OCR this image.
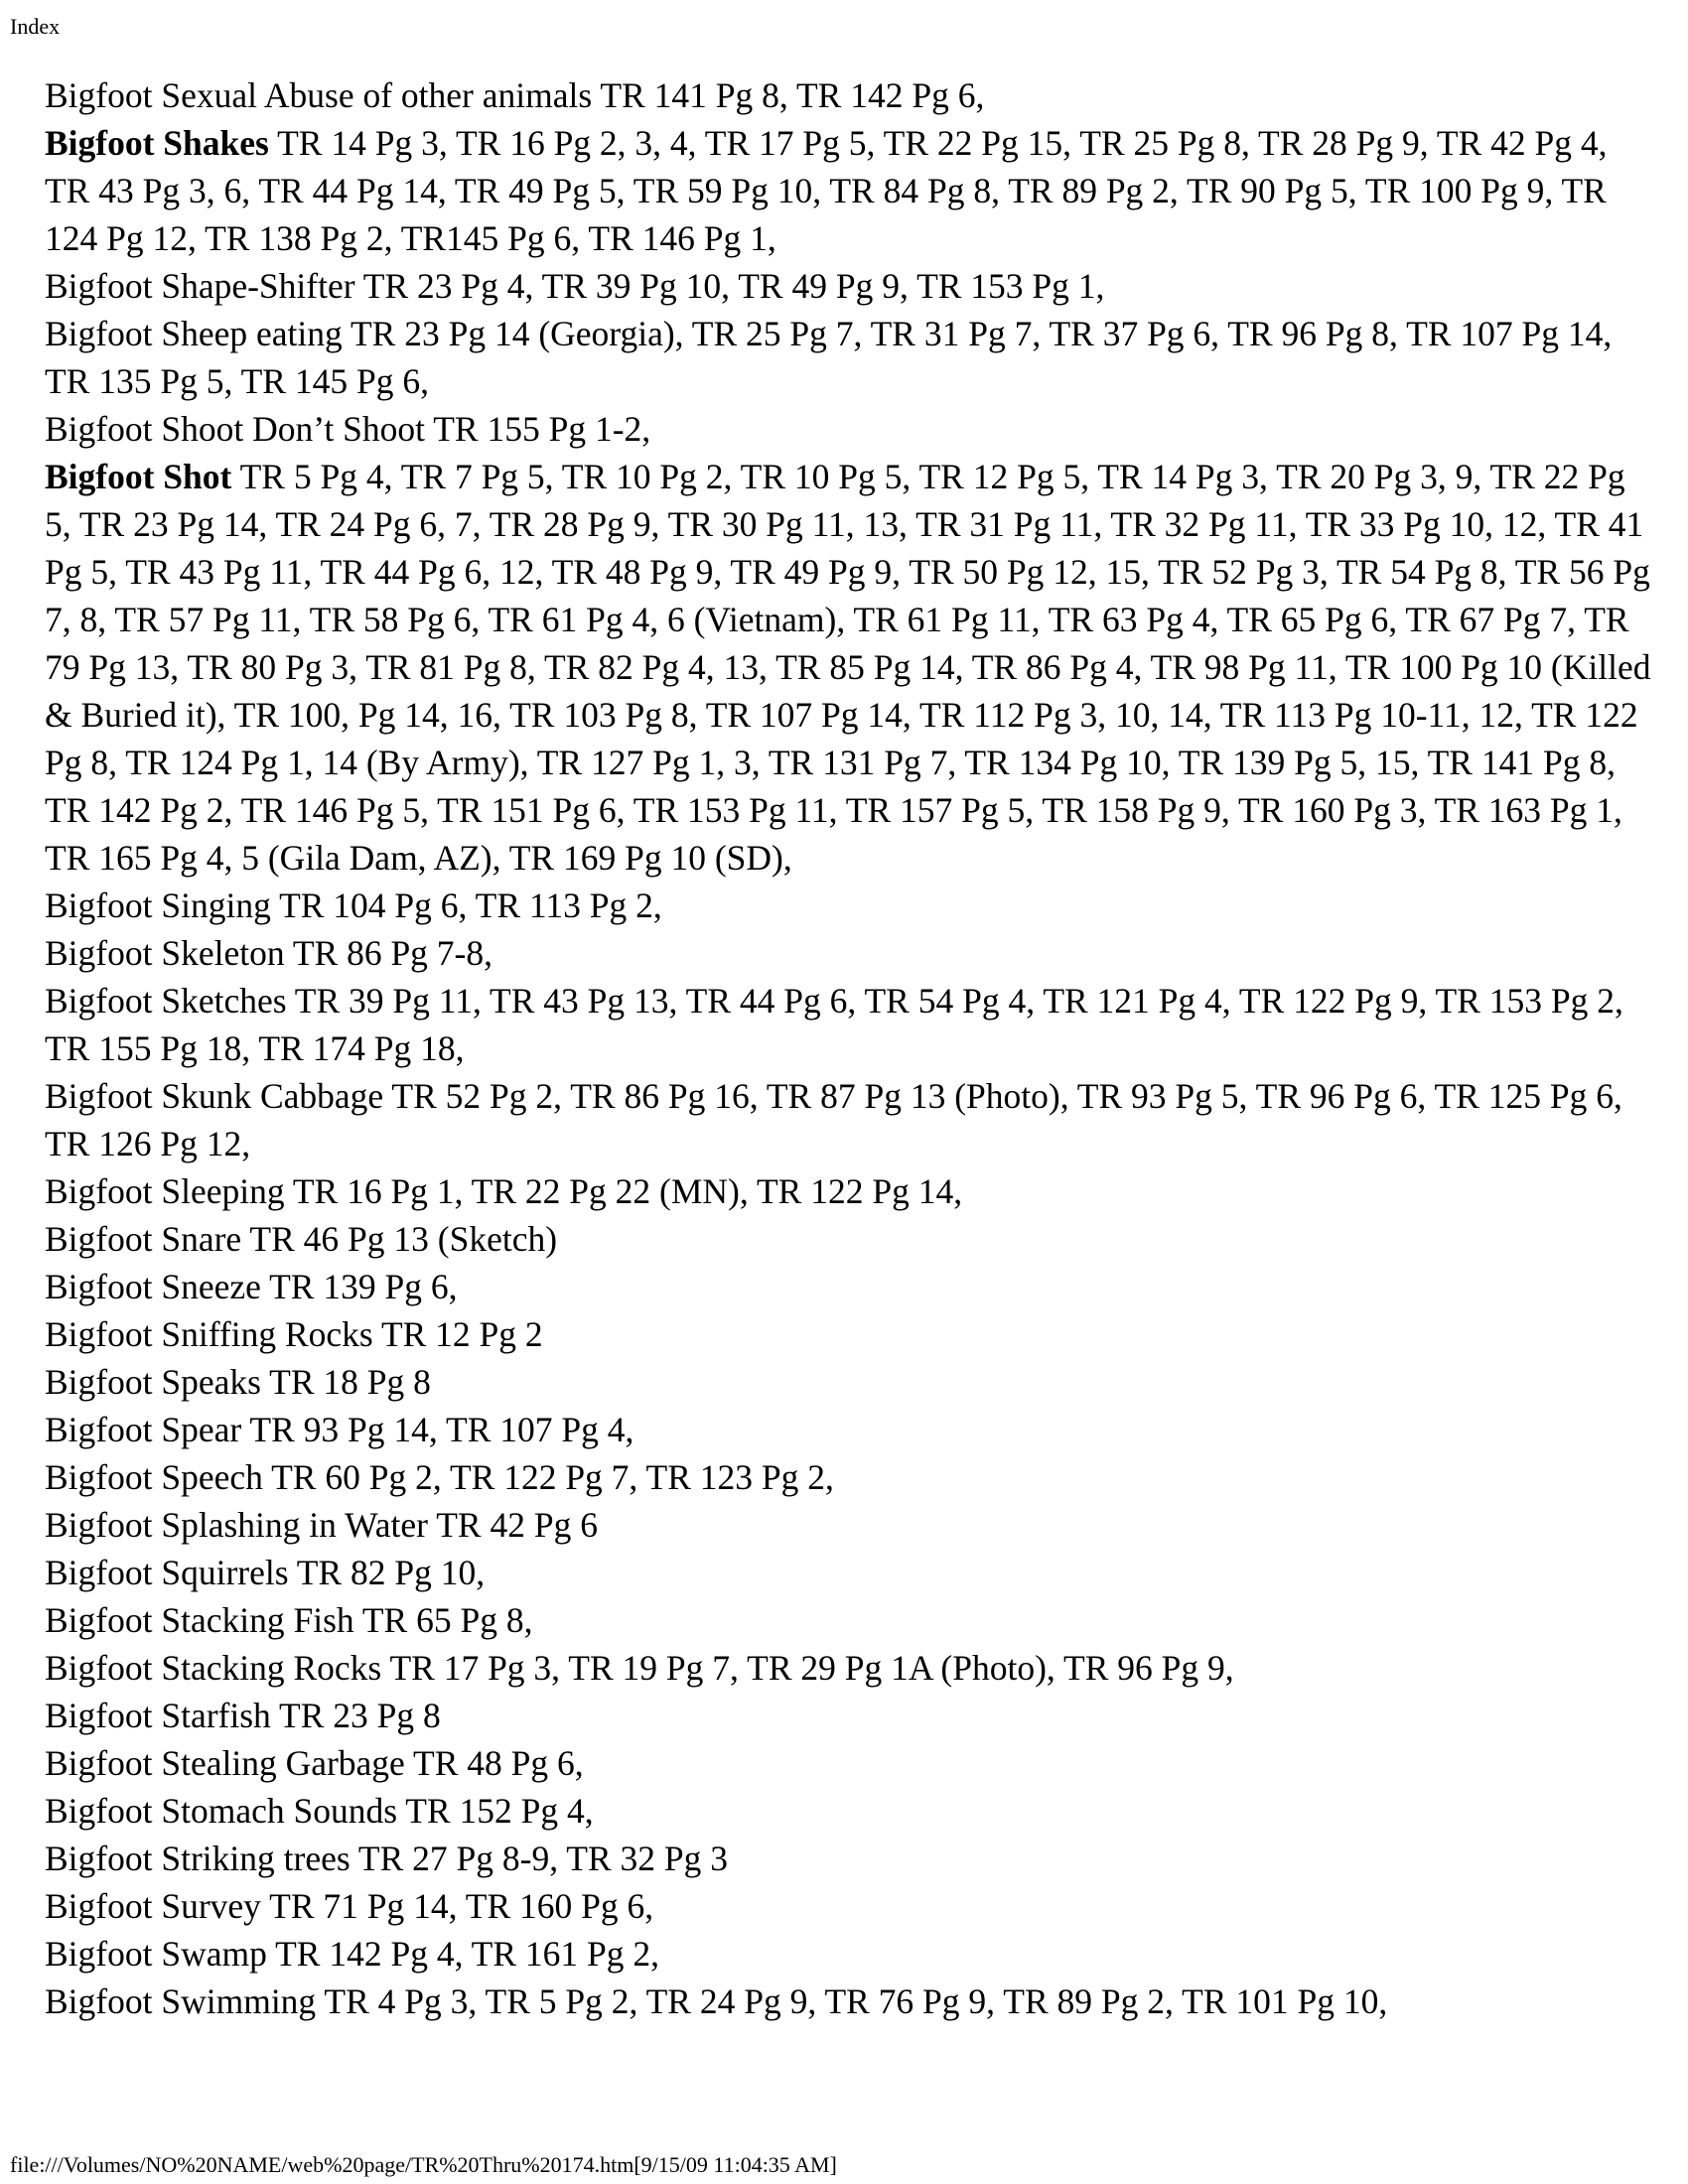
Index

Bigfoot Sexual Abuse of other animals TR 141 Pg 8, TR 142 Pg 6,

Bigfoot Shakes TR 14 Pg 3, TR 16 Pg 2, 3, 4, TR 17 Pg 5, TR 22 Pg 15, TR 25 Pg 8, TR 28 Pg 9, TR 42 Pg 4, TR 43 Pg 3, 6, TR 44 Pg 14, TR 49 Pg 5, TR 59 Pg 10, TR 84 Pg 8, TR 89 Pg 2, TR 90 Pg 5, TR 100 Pg 9, TR 124 Pg 12, TR 138 Pg 2, TR145 Pg 6, TR 146 Pg 1,

Bigfoot Shape-Shifter TR 23 Pg 4, TR 39 Pg 10, TR 49 Pg 9, TR 153 Pg 1,

Bigfoot Sheep eating TR 23 Pg 14 (Georgia), TR 25 Pg 7, TR 31 Pg 7, TR 37 Pg 6, TR 96 Pg 8, TR 107 Pg 14, TR 135 Pg 5, TR 145 Pg 6,

Bigfoot Shoot Don’t Shoot TR 155 Pg 1-2,

Bigfoot Shot TR 5 Pg 4, TR 7 Pg 5, TR 10 Pg 2, TR 10 Pg 5, TR 12 Pg 5, TR 14 Pg 3, TR 20 Pg 3, 9, TR 22 Pg 5, TR 23 Pg 14, TR 24 Pg 6, 7, TR 28 Pg 9, TR 30 Pg 11, 13, TR 31 Pg 11, TR 32 Pg 11, TR 33 Pg 10, 12, TR 41 Pg 5, TR 43 Pg 11, TR 44 Pg 6, 12, TR 48 Pg 9, TR 49 Pg 9, TR 50 Pg 12, 15, TR 52 Pg 3, TR 54 Pg 8, TR 56 Pg 7, 8, TR 57 Pg 11, TR 58 Pg 6, TR 61 Pg 4, 6 (Vietnam), TR 61 Pg 11, TR 63 Pg 4, TR 65 Pg 6, TR 67 Pg 7, TR 79 Pg 13, TR 80 Pg 3, TR 81 Pg 8, TR 82 Pg 4, 13, TR 85 Pg 14, TR 86 Pg 4, TR 98 Pg 11, TR 100 Pg 10 (Killed & Buried it), TR 100, Pg 14, 16, TR 103 Pg 8, TR 107 Pg 14, TR 112 Pg 3, 10, 14, TR 113 Pg 10-11, 12, TR 122 Pg 8, TR 124 Pg 1, 14 (By Army), TR 127 Pg 1, 3, TR 131 Pg 7, TR 134 Pg 10, TR 139 Pg 5, 15, TR 141 Pg 8, TR 142 Pg 2, TR 146 Pg 5, TR 151 Pg 6, TR 153 Pg 11, TR 157 Pg 5, TR 158 Pg 9, TR 160 Pg 3, TR 163 Pg 1, TR 165 Pg 4, 5 (Gila Dam, AZ), TR 169 Pg 10 (SD),

Bigfoot Singing TR 104 Pg 6, TR 113 Pg 2,

Bigfoot Skeleton TR 86 Pg 7-8,

Bigfoot Sketches TR 39 Pg 11, TR 43 Pg 13, TR 44 Pg 6, TR 54 Pg 4, TR 121 Pg 4, TR 122 Pg 9, TR 153 Pg 2, TR 155 Pg 18, TR 174 Pg 18,

Bigfoot Skunk Cabbage TR 52 Pg 2, TR 86 Pg 16, TR 87 Pg 13 (Photo), TR 93 Pg 5, TR 96 Pg 6, TR 125 Pg 6, TR 126 Pg 12,

Bigfoot Sleeping TR 16 Pg 1, TR 22 Pg 22 (MN), TR 122 Pg 14,

Bigfoot Snare TR 46 Pg 13 (Sketch)

Bigfoot Sneeze TR 139 Pg 6,

Bigfoot Sniffing Rocks TR 12 Pg 2

Bigfoot Speaks TR 18 Pg 8

Bigfoot Spear TR 93 Pg 14, TR 107 Pg 4,

Bigfoot Speech TR 60 Pg 2, TR 122 Pg 7, TR 123 Pg 2,

Bigfoot Splashing in Water TR 42 Pg 6

Bigfoot Squirrels TR 82 Pg 10,

Bigfoot Stacking Fish TR 65 Pg 8,

Bigfoot Stacking Rocks TR 17 Pg 3, TR 19 Pg 7, TR 29 Pg 1A (Photo), TR 96 Pg 9,

Bigfoot Starfish TR 23 Pg 8

Bigfoot Stealing Garbage TR 48 Pg 6,

Bigfoot Stomach Sounds TR 152 Pg 4,

Bigfoot Striking trees TR 27 Pg 8-9, TR 32 Pg 3

Bigfoot Survey TR 71 Pg 14, TR 160 Pg 6,

Bigfoot Swamp TR 142 Pg 4, TR 161 Pg 2,

Bigfoot Swimming TR 4 Pg 3, TR 5 Pg 2, TR 24 Pg 9, TR 76 Pg 9, TR 89 Pg 2, TR 101 Pg 10,

file:///Volumes/NO%20NAME/web%20page/TR%20Thru%20174.htm[9/15/09 11:04:35 AM]
